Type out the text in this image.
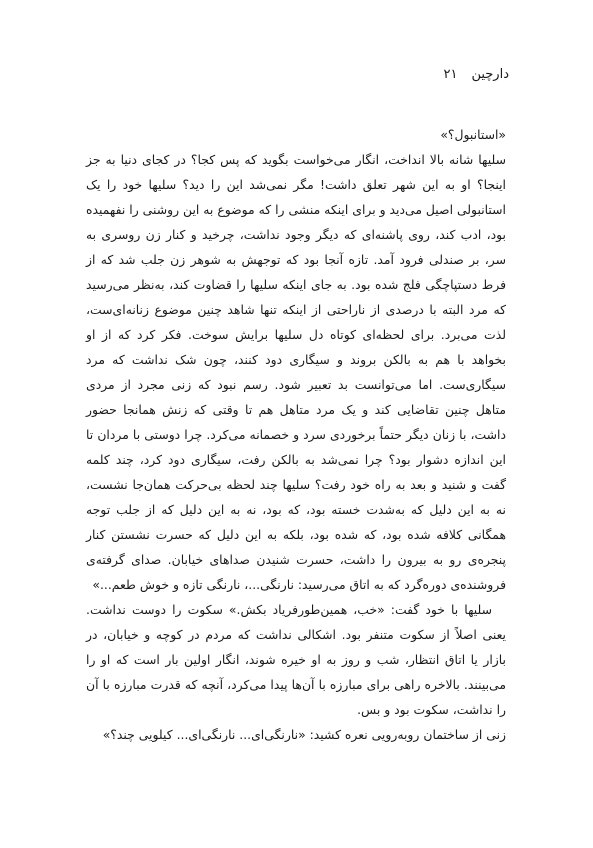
دارچین۲۱

«استانبول؟»

سلیها شانه بالا انداخت، انگار می‌خواست بگوید که پس کجا؟ در کجای دنیا به جز اینجا؟ او به این شهر تعلق داشت! مگر نمی‌شد این را دید؟ سلیها خود را یک استانبولی اصیل می‌دید و برای اینکه منشی را که موضوع به این روشنی را نفهمیده بود، ادب کند، روی پاشنه‌ای که دیگر وجود نداشت، چرخید و کنار زن روسری به سر، بر صندلی فرود آمد. تازه آنجا بود که توجهش به شوهر زن جلب شد که از فرط دستپاچگی فلج شده بود. به جای اینکه سلیها را قضاوت کند، به‌نظر می‌رسید که مرد البته با درصدی از ناراحتی از اینکه تنها شاهد چنین موضوع زنانه‌ای‌ست، لذت می‌برد. برای لحظه‌ای کوتاه دل سلیها برایش سوخت. فکر کرد که از او بخواهد با هم به بالکن بروند و سیگاری دود کنند، چون شک نداشت که مرد سیگاری‌ست. اما می‌توانست بد تعبیر شود. رسم نبود که زنی مجرد از مردی متاهل چنین تقاضایی کند و یک مرد متاهل هم تا وقتی که زنش همانجا حضور داشت، با زنان دیگر حتماً برخوردی سرد و خصمانه می‌کرد. چرا دوستی با مردان تا این اندازه دشوار بود؟ چرا نمی‌شد به بالکن رفت، سیگاری دود کرد، چند کلمه گفت و شنید و بعد به راه خود رفت؟ سلیها چند لحظه بی‌حرکت همان‌جا نشست، نه به این دلیل که به‌شدت خسته بود، که بود، نه به این دلیل که از جلب توجه همگانی کلافه شده بود، که شده بود، بلکه به این دلیل که حسرت نشستن کنار پنجره‌ی رو به بیرون را داشت، حسرت شنیدن صداهای خیابان. صدای گرفته‌ی فروشنده‌ی دوره‌گرد که به اتاق می‌رسید: نارنگی...، نارنگی تازه و خوش طعم...»

سلیها با خود گفت: «خب، همین‌طورفریاد بکش.» سکوت را دوست نداشت. یعنی اصلاً از سکوت متنفر بود. اشکالی نداشت که مردم در کوچه و خیابان، در بازار یا اتاق انتظار، شب و روز به او خیره شوند، انگار اولین بار است که او را می‌بینند. بالاخره راهی برای مبارزه با آن‌ها پیدا می‌کرد، آنچه که قدرت مبارزه با آن را نداشت، سکوت بود و بس.

زنی از ساختمان روبه‌رویی نعره کشید: «نارنگی‌ای... نارنگی‌ای... کیلویی چند؟»
